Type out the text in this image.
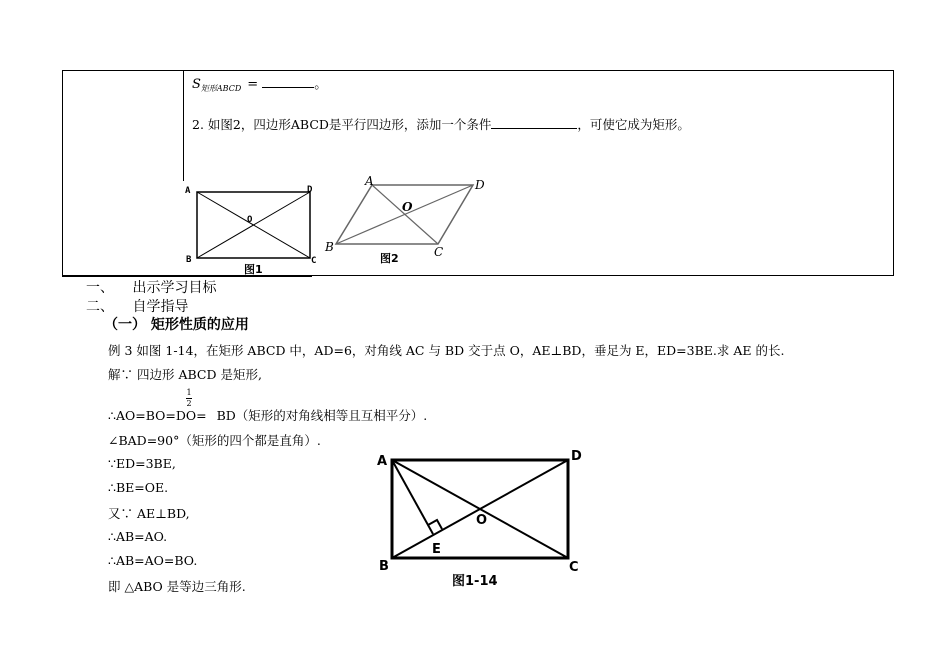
$S_{矩形ABCD}$ =	。
2. 如图2，四边形ABCD是平行四边形，添加一个条件	，可使它成为矩形。
A	D
B	C
O
图1
A	D
B	C
O
图2
一、 出示学习目标
二、 自学指导
（一） 矩形性质的应用
例 3 如图 1-14，在矩形 ABCD 中，AD=6，对角线 AC 与 BD 交于点 O，AE⊥BD，垂足为 E，ED=3BE.求 AE 的长.
解∵ 四边形 ABCD 是矩形,
1
2
∴AO=BO=DO= BD（矩形的对角线相等且互相平分）.
∠BAD=90°（矩形的四个都是直角）.
∵ED=3BE,
∴BE=OE.
又∵ AE⊥BD,
∴AB=AO.
∴AB=AO=BO.
即 △ABO 是等边三角形.
A	D
B	C
O
E
图1-14
